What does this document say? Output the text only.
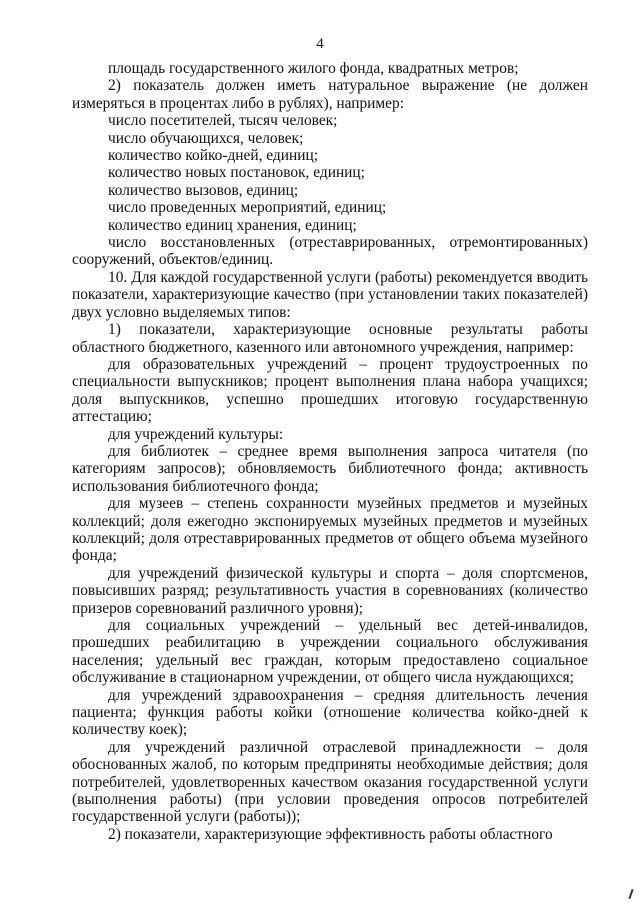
4

площадь государственного жилого фонда, квадратных метров;

2) показатель должен иметь натуральное выражение (не должен измеряться в процентах либо в рублях), например:

число посетителей, тысяч человек;

число обучающихся, человек;

количество койко-дней, единиц;

количество новых постановок, единиц;

количество вызовов, единиц;

число проведенных мероприятий, единиц;

количество единиц хранения, единиц;

число восстановленных (отреставрированных, отремонтированных) сооружений, объектов/единиц.

10. Для каждой государственной услуги (работы) рекомендуется вводить показатели, характеризующие качество (при установлении таких показателей) двух условно выделяемых типов:

1) показатели, характеризующие основные результаты работы областного бюджетного, казенного или автономного учреждения, например:

для образовательных учреждений – процент трудоустроенных по специальности выпускников; процент выполнения плана набора учащихся; доля выпускников, успешно прошедших итоговую государственную аттестацию;

для учреждений культуры:

для библиотек – среднее время выполнения запроса читателя (по категориям запросов); обновляемость библиотечного фонда; активность использования библиотечного фонда;

для музеев – степень сохранности музейных предметов и музейных коллекций; доля ежегодно экспонируемых музейных предметов и музейных коллекций; доля отреставрированных предметов от общего объема музейного фонда;

для учреждений физической культуры и спорта – доля спортсменов, повысивших разряд; результативность участия в соревнованиях (количество призеров соревнований различного уровня);

для социальных учреждений – удельный вес детей-инвалидов, прошедших реабилитацию в учреждении социального обслуживания населения; удельный вес граждан, которым предоставлено социальное обслуживание в стационарном учреждении, от общего числа нуждающихся;

для учреждений здравоохранения – средняя длительность лечения пациента; функция работы койки (отношение количества койко-дней к количеству коек);

для учреждений различной отраслевой принадлежности – доля обоснованных жалоб, по которым предприняты необходимые действия; доля потребителей, удовлетворенных качеством оказания государственной услуги (выполнения работы) (при условии проведения опросов потребителей государственной услуги (работы));

2) показатели, характеризующие эффективность работы областного
